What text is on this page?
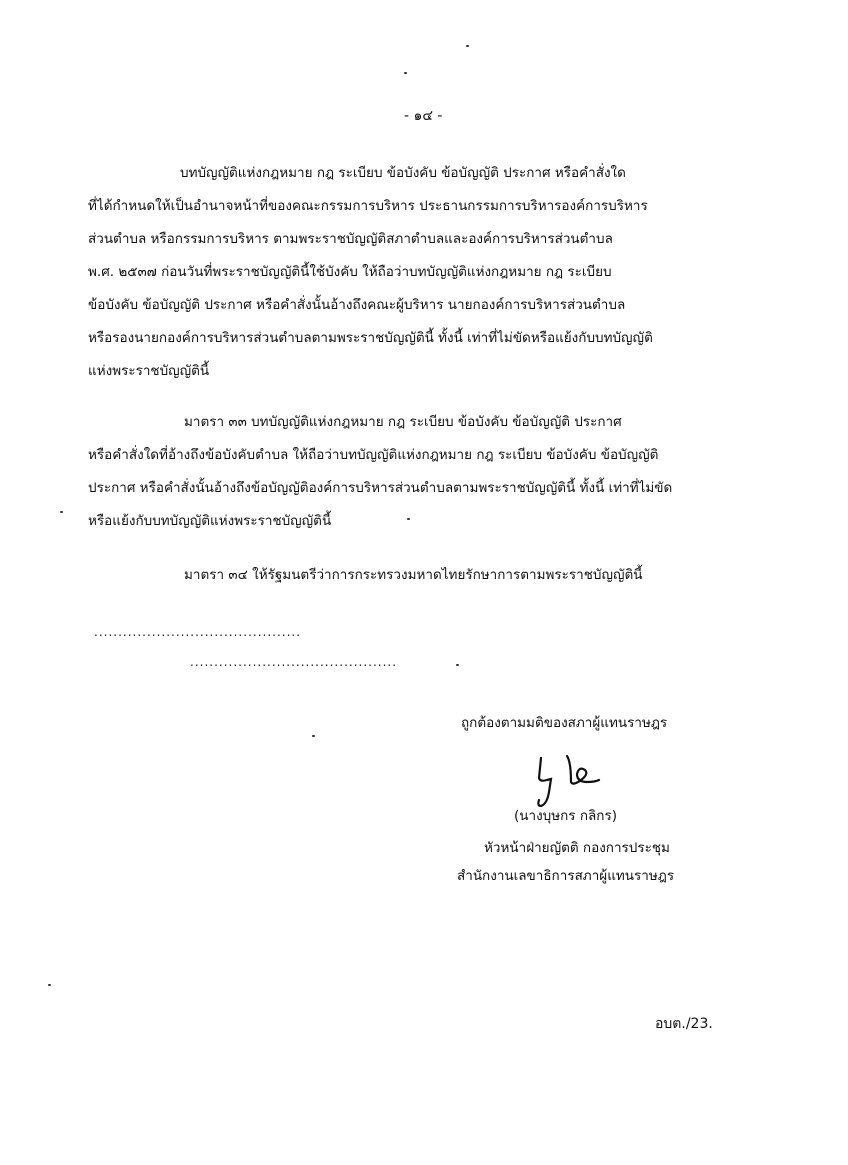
- ๑๔ -
บทบัญญัติแห่งกฎหมาย กฎ ระเบียบ ข้อบังคับ ข้อบัญญัติ ประกาศ หรือคำสั่งใด
ที่ได้กำหนดให้เป็นอำนาจหน้าที่ของคณะกรรมการบริหาร ประธานกรรมการบริหารองค์การบริหาร
ส่วนตำบล หรือกรรมการบริหาร ตามพระราชบัญญัติสภาตำบลและองค์การบริหารส่วนตำบล
พ.ศ. ๒๕๓๗ ก่อนวันที่พระราชบัญญัตินี้ใช้บังคับ ให้ถือว่าบทบัญญัติแห่งกฎหมาย กฎ ระเบียบ
ข้อบังคับ ข้อบัญญัติ ประกาศ หรือคำสั่งนั้นอ้างถึงคณะผู้บริหาร นายกองค์การบริหารส่วนตำบล
หรือรองนายกองค์การบริหารส่วนตำบลตามพระราชบัญญัตินี้ ทั้งนี้ เท่าที่ไม่ขัดหรือแย้งกับบทบัญญัติ
แห่งพระราชบัญญัตินี้
มาตรา ๓๓ บทบัญญัติแห่งกฎหมาย กฎ ระเบียบ ข้อบังคับ ข้อบัญญัติ ประกาศ
หรือคำสั่งใดที่อ้างถึงข้อบังคับตำบล ให้ถือว่าบทบัญญัติแห่งกฎหมาย กฎ ระเบียบ ข้อบังคับ ข้อบัญญัติ
ประกาศ หรือคำสั่งนั้นอ้างถึงข้อบัญญัติองค์การบริหารส่วนตำบลตามพระราชบัญญัตินี้ ทั้งนี้ เท่าที่ไม่ขัด
หรือแย้งกับบทบัญญัติแห่งพระราชบัญญัตินี้
มาตรา ๓๔ ให้รัฐมนตรีว่าการกระทรวงมหาดไทยรักษาการตามพระราชบัญญัตินี้
...........................................
...........................................
ถูกต้องตามมติของสภาผู้แทนราษฎร
(นางบุษกร กลิกร)
หัวหน้าฝ่ายญัตติ กองการประชุม
สำนักงานเลขาธิการสภาผู้แทนราษฎร
อบต./23.
